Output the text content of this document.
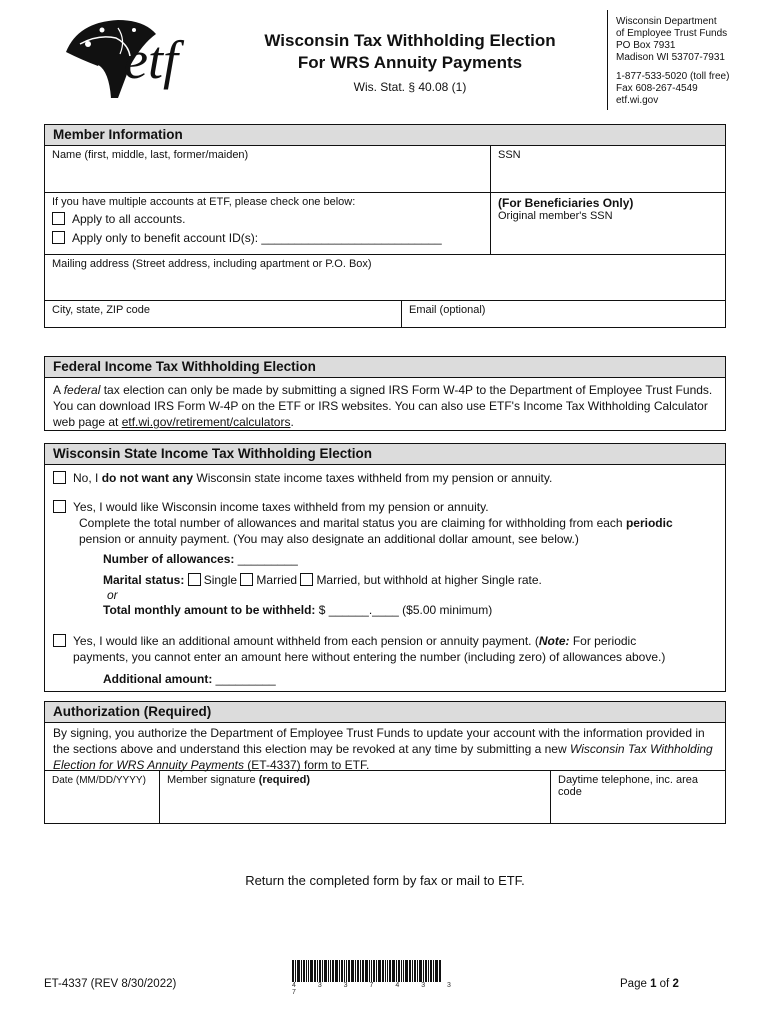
etf	Wisconsin Tax Withholding Election
For WRS Annuity Payments
Wis. Stat. § 40.08 (1)
Wisconsin Department
of Employee Trust Funds
PO Box 7931
Madison WI 53707-7931
1-877-533-5020 (toll free)
Fax 608-267-4549
etf.wi.gov
Member Information
Name (first, middle, last, former/maiden)	SSN
If you have multiple accounts at ETF, please check one below:
Apply to all accounts.
Apply only to benefit account ID(s): ___________________________
(For Beneficiaries Only)
Original member's SSN
Mailing address (Street address, including apartment or P.O. Box)
City, state, ZIP code	Email (optional)
Federal Income Tax Withholding Election
A federal tax election can only be made by submitting a signed IRS Form W-4P to the Department of Employee Trust Funds. You can download IRS Form W-4P on the ETF or IRS websites. You can also use ETF's Income Tax Withholding Calculator web page at etf.wi.gov/retirement/calculators.
Wisconsin State Income Tax Withholding Election
No, I do not want any Wisconsin state income taxes withheld from my pension or annuity.
Yes, I would like Wisconsin income taxes withheld from my pension or annuity.
Complete the total number of allowances and marital status you are claiming for withholding from each periodic
pension or annuity payment. (You may also designate an additional dollar amount, see below.)
Number of allowances: _________
Marital status: Single Married Married, but withhold at higher Single rate.
or
Total monthly amount to be withheld: $ ______.____ ($5.00 minimum)
Yes, I would like an additional amount withheld from each pension or annuity payment. (Note: For periodic
payments, you cannot enter an amount here without entering the number (including zero) of allowances above.)
Additional amount: _________
Authorization (Required)
By signing, you authorize the Department of Employee Trust Funds to update your account with the information provided in the sections above and understand this election may be revoked at any time by submitting a new Wisconsin Tax Withholding Election for WRS Annuity Payments (ET-4337) form to ETF.
Date (MM/DD/YYYY)	Member signature (required)	Daytime telephone, inc. area code
Return the completed form by fax or mail to ETF.
ET-4337 (REV 8/30/2022)	4 3 3 7 4 3 3 7
Page 1 of 2
